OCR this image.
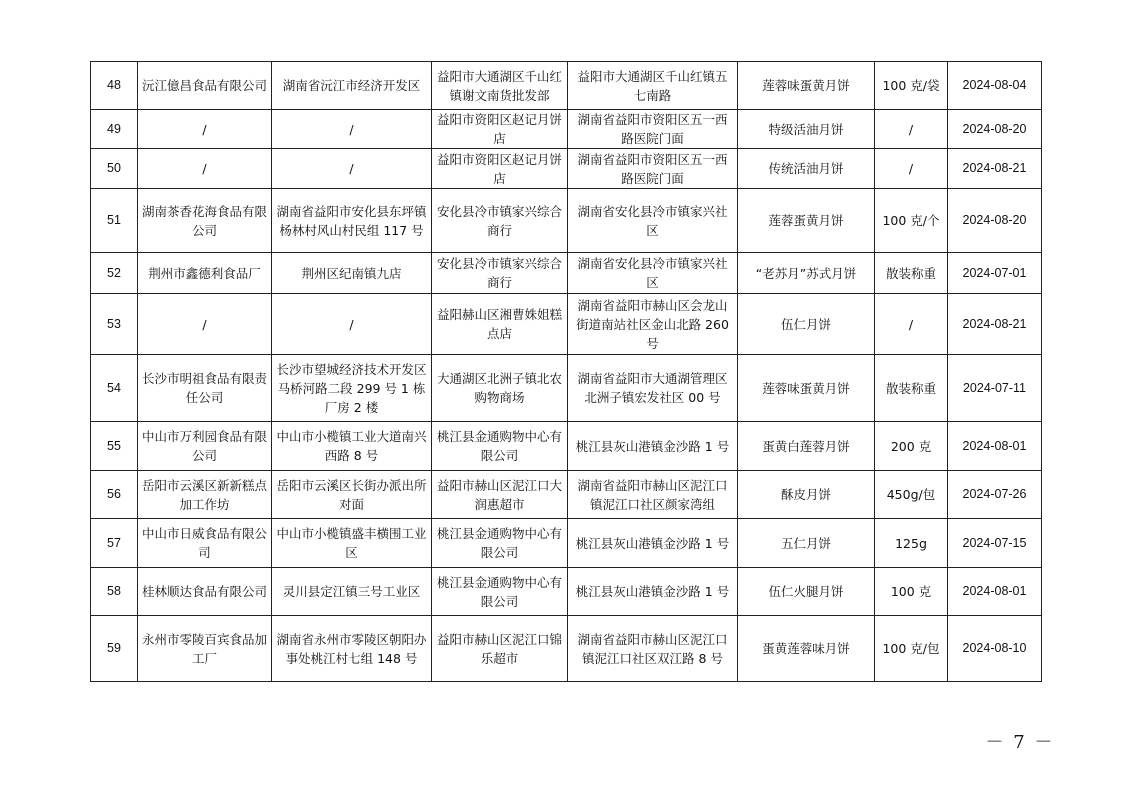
48	沅江億昌食品有限公司	湖南省沅江市经济开发区	益阳市大通湖区千山红镇谢文南货批发部	益阳市大通湖区千山红镇五七南路	莲蓉味蛋黄月饼	100 克/袋	2024-08-04
49	/	/	益阳市资阳区赵记月饼店	湖南省益阳市资阳区五一西路医院门面	特级活油月饼	/	2024-08-20
50	/	/	益阳市资阳区赵记月饼店	湖南省益阳市资阳区五一西路医院门面	传统活油月饼	/	2024-08-21
51	湖南茶香花海食品有限公司	湖南省益阳市安化县东坪镇杨林村风山村民组 117 号	安化县冷市镇家兴综合商行	湖南省安化县冷市镇家兴社区	莲蓉蛋黄月饼	100 克/个	2024-08-20
52	荆州市鑫德利食品厂	荆州区纪南镇九店	安化县冷市镇家兴综合商行	湖南省安化县冷市镇家兴社区	“老苏月”苏式月饼	散装称重	2024-07-01
53	/	/	益阳赫山区湘曹姝姐糕点店	湖南省益阳市赫山区会龙山街道南站社区金山北路 260 号	伍仁月饼	/	2024-08-21
54	长沙市明祖食品有限责任公司	长沙市望城经济技术开发区马桥河路二段 299 号 1 栋厂房 2 楼	大通湖区北洲子镇北农购物商场	湖南省益阳市大通湖管理区北洲子镇宏发社区 00 号	莲蓉味蛋黄月饼	散装称重	2024-07-11
55	中山市万利园食品有限公司	中山市小榄镇工业大道南兴西路 8 号	桃江县金通购物中心有限公司	桃江县灰山港镇金沙路 1 号	蛋黄白莲蓉月饼	200 克	2024-08-01
56	岳阳市云溪区新新糕点加工作坊	岳阳市云溪区长街办派出所对面	益阳市赫山区泥江口大润惠超市	湖南省益阳市赫山区泥江口镇泥江口社区颜家湾组	酥皮月饼	450g/包	2024-07-26
57	中山市日威食品有限公司	中山市小榄镇盛丰横围工业区	桃江县金通购物中心有限公司	桃江县灰山港镇金沙路 1 号	五仁月饼	125g	2024-07-15
58	桂林顺达食品有限公司	灵川县定江镇三号工业区	桃江县金通购物中心有限公司	桃江县灰山港镇金沙路 1 号	伍仁火腿月饼	100 克	2024-08-01
59	永州市零陵百宾食品加工厂	湖南省永州市零陵区朝阳办事处桃江村七组 148 号	益阳市赫山区泥江口锦乐超市	湖南省益阳市赫山区泥江口镇泥江口社区双江路 8 号	蛋黄莲蓉味月饼	100 克/包	2024-08-10
－ 7 －
